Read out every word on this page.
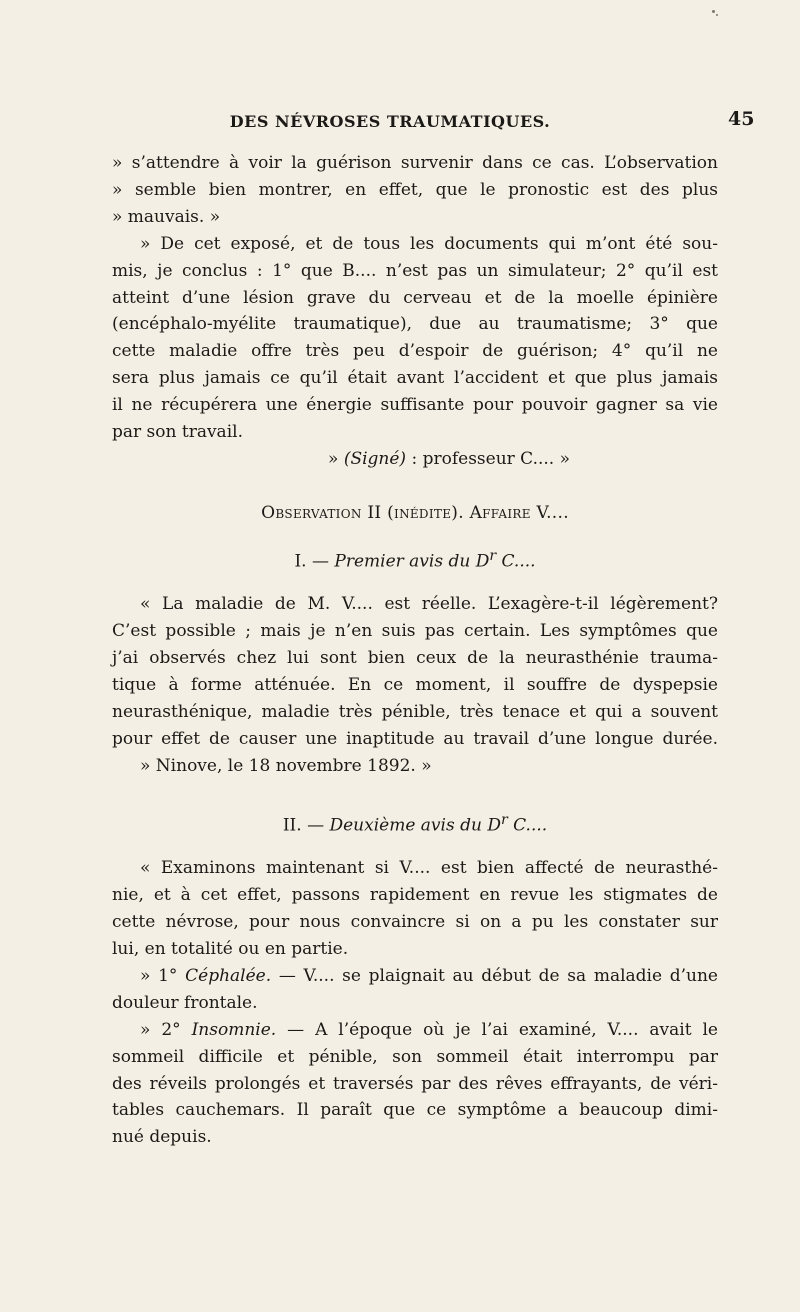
DES NÉVROSES TRAUMATIQUES.	45
» s’attendre à voir la guérison survenir dans ce cas. L’observation
» semble bien montrer, en effet, que le pronostic est des plus
» mauvais. »
» De cet exposé, et de tous les documents qui m’ont été sou-
mis, je conclus : 1° que B.... n’est pas un simulateur; 2° qu’il est
atteint d’une lésion grave du cerveau et de la moelle épinière
(encéphalo-myélite traumatique), due au traumatisme; 3° que
cette maladie offre très peu d’espoir de guérison; 4° qu’il ne
sera plus jamais ce qu’il était avant l’accident et que plus jamais
il ne récupérera une énergie suffisante pour pouvoir gagner sa vie
par son travail.
» (Signé) : professeur C.... »
Observation II (inédite). Affaire V....
I. — Premier avis du $D^r$ C....
« La maladie de M. V.... est réelle. L’exagère-t-il légèrement?
C’est possible ; mais je n’en suis pas certain. Les symptômes que
j’ai observés chez lui sont bien ceux de la neurasthénie trauma-
tique à forme atténuée. En ce moment, il souffre de dyspepsie
neurasthénique, maladie très pénible, très tenace et qui a souvent
pour effet de causer une inaptitude au travail d’une longue durée.
» Ninove, le 18 novembre 1892. »
II. — Deuxième avis du $D^r$ C....
« Examinons maintenant si V.... est bien affecté de neurasthé-
nie, et à cet effet, passons rapidement en revue les stigmates de
cette névrose, pour nous convaincre si on a pu les constater sur
lui, en totalité ou en partie.
» 1° Céphalée. — V.... se plaignait au début de sa maladie d’une
douleur frontale.
» 2° Insomnie. — A l’époque où je l’ai examiné, V.... avait le
sommeil difficile et pénible, son sommeil était interrompu par
des réveils prolongés et traversés par des rêves effrayants, de véri-
tables cauchemars. Il paraît que ce symptôme a beaucoup dimi-
nué depuis.
